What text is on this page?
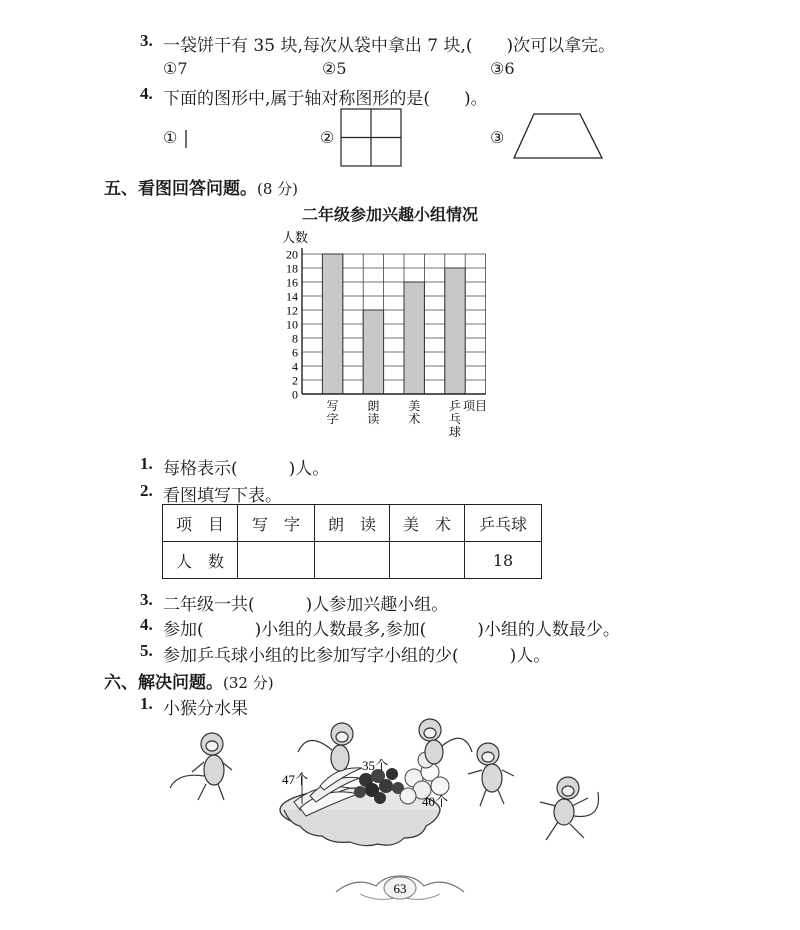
3. 一袋饼干有 35 块,每次从袋中拿出 7 块,(　　)次可以拿完。
①7	②5	③6
4. 下面的图形中,属于轴对称图形的是(　　)。
①	②	③
五、看图回答问题。(8 分)
二年级参加兴趣小组情况
20
18
16
14
12
10
8
6
4
2
0
写字
朗读
美术
乒乓球
人数
项目
1. 每格表示(　　　)人。
2. 看图填写下表。
项　目	写　字	朗　读	美　术	乒乓球
人　数				18
3. 二年级一共(　　　)人参加兴趣小组。
4. 参加(　　　)小组的人数最多,参加(　　　)小组的人数最少。
5. 参加乒乓球小组的比参加写字小组的少(　　　)人。
六、解决问题。(32 分)
1. 小猴分水果
35个
47个
40个
63
